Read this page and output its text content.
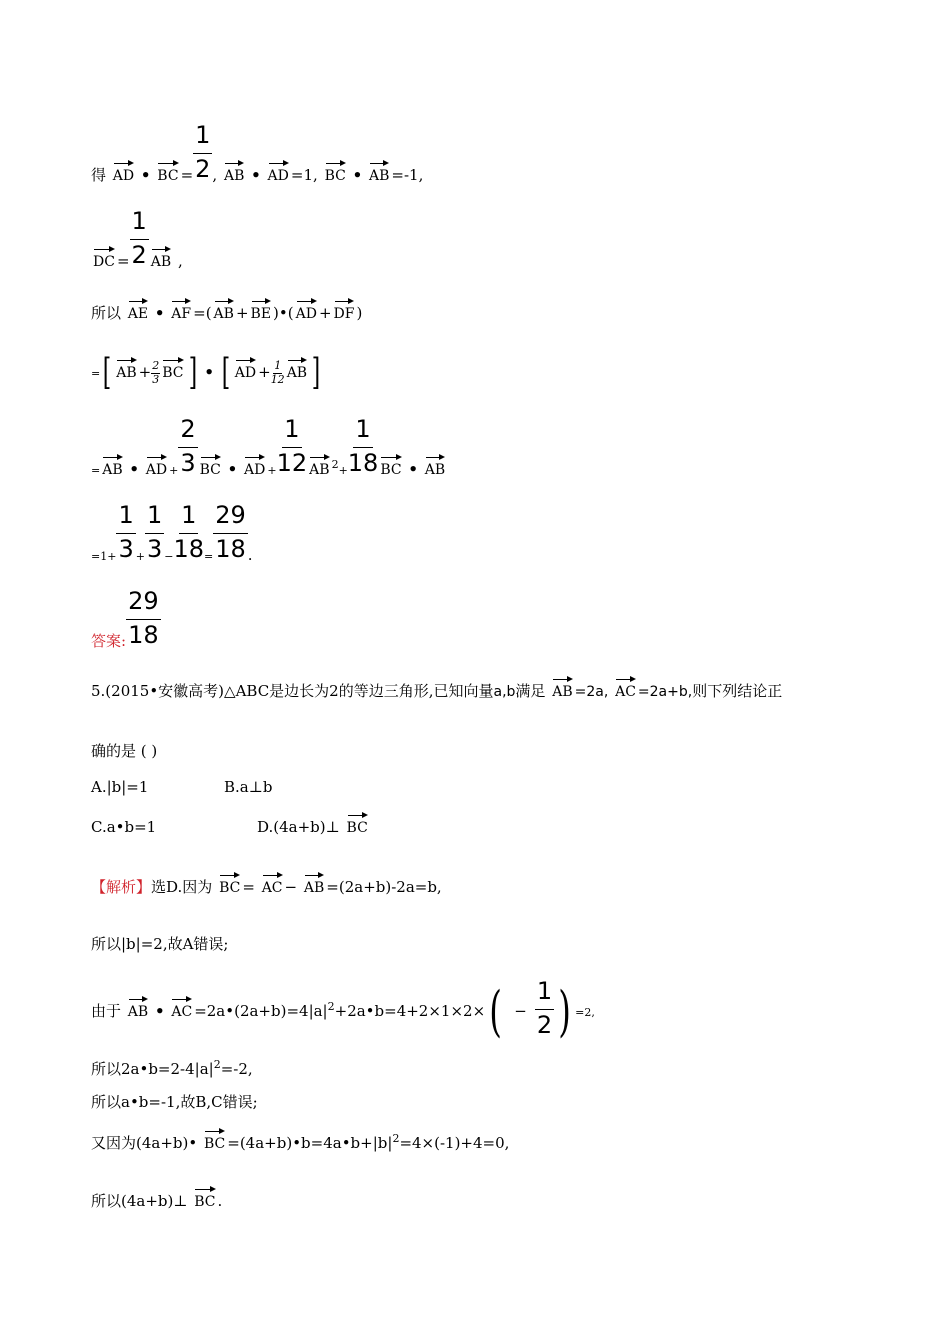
得 AD • BC = $\frac{1}{2}$ , AB • AD =1, BC • AB =-1,
DC = $\frac{1}{2}$ AB ,
所以 AE • AF =( AB + BE )•( AD + DF )
=[ AB + $\frac{2}{3}$ BC ] • [ AD + $\frac{1}{12}$ AB ]
= AB • AD + $\frac{2}{3}$ BC • AD + $\frac{1}{12}$ AB $^2+ \frac{1}{18}$ BC • AB
$=1+ \frac{1}{3} + \frac{1}{3} - \frac{1}{18} = \frac{29}{18}$ .
答案: $\frac{29}{18}$
5.(2015•安徽高考)△ABC是边长为2的等边三角形,已知向量a,b满足 AB =2a, AC =2a+b,则下列结论正
确的是 ( )
A.|b|=1	B.a⊥b
C.a•b=1	D.(4a+b)⊥ BC
【解析】选D.因为 BC = AC − AB =(2a+b)-2a=b,
所以|b|=2,故A错误;
由于 AB • AC $=2a•(2a+b)=4|a|^2+2a•b=4+2\times 1\times 2\times( - \frac{1}{2}$ ) =2,
所以$2a•b=2-4|a|^2=-2$,
所以a•b=-1,故B,C错误;
又因为(4a+b)• BC $=(4a+b)•b=4a•b+|b|^2=4\times(-1)+4=0$,
所以(4a+b)⊥ BC .
